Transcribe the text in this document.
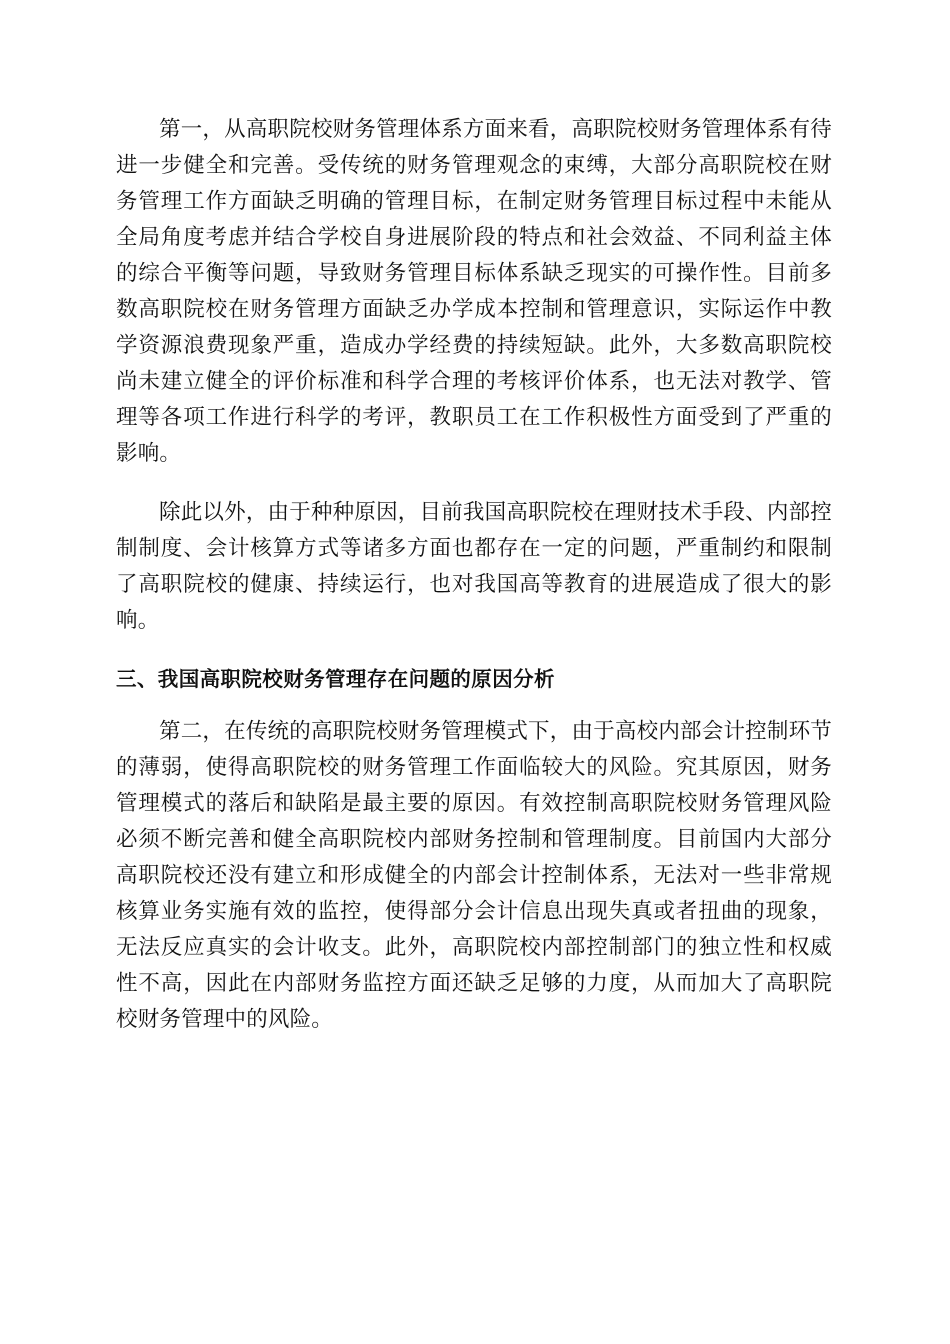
第一，从高职院校财务管理体系方面来看，高职院校财务管理体系有待进一步健全和完善。受传统的财务管理观念的束缚，大部分高职院校在财务管理工作方面缺乏明确的管理目标，在制定财务管理目标过程中未能从全局角度考虑并结合学校自身进展阶段的特点和社会效益、不同利益主体的综合平衡等问题，导致财务管理目标体系缺乏现实的可操作性。目前多数高职院校在财务管理方面缺乏办学成本控制和管理意识，实际运作中教学资源浪费现象严重，造成办学经费的持续短缺。此外，大多数高职院校尚未建立健全的评价标准和科学合理的考核评价体系，也无法对教学、管理等各项工作进行科学的考评，教职员工在工作积极性方面受到了严重的影响。

除此以外，由于种种原因，目前我国高职院校在理财技术手段、内部控制制度、会计核算方式等诸多方面也都存在一定的问题，严重制约和限制了高职院校的健康、持续运行，也对我国高等教育的进展造成了很大的影响。

三、我国高职院校财务管理存在问题的原因分析

第二，在传统的高职院校财务管理模式下，由于高校内部会计控制环节的薄弱，使得高职院校的财务管理工作面临较大的风险。究其原因，财务管理模式的落后和缺陷是最主要的原因。有效控制高职院校财务管理风险必须不断完善和健全高职院校内部财务控制和管理制度。目前国内大部分高职院校还没有建立和形成健全的内部会计控制体系，无法对一些非常规核算业务实施有效的监控，使得部分会计信息出现失真或者扭曲的现象，无法反应真实的会计收支。此外，高职院校内部控制部门的独立性和权威性不高，因此在内部财务监控方面还缺乏足够的力度，从而加大了高职院校财务管理中的风险。
